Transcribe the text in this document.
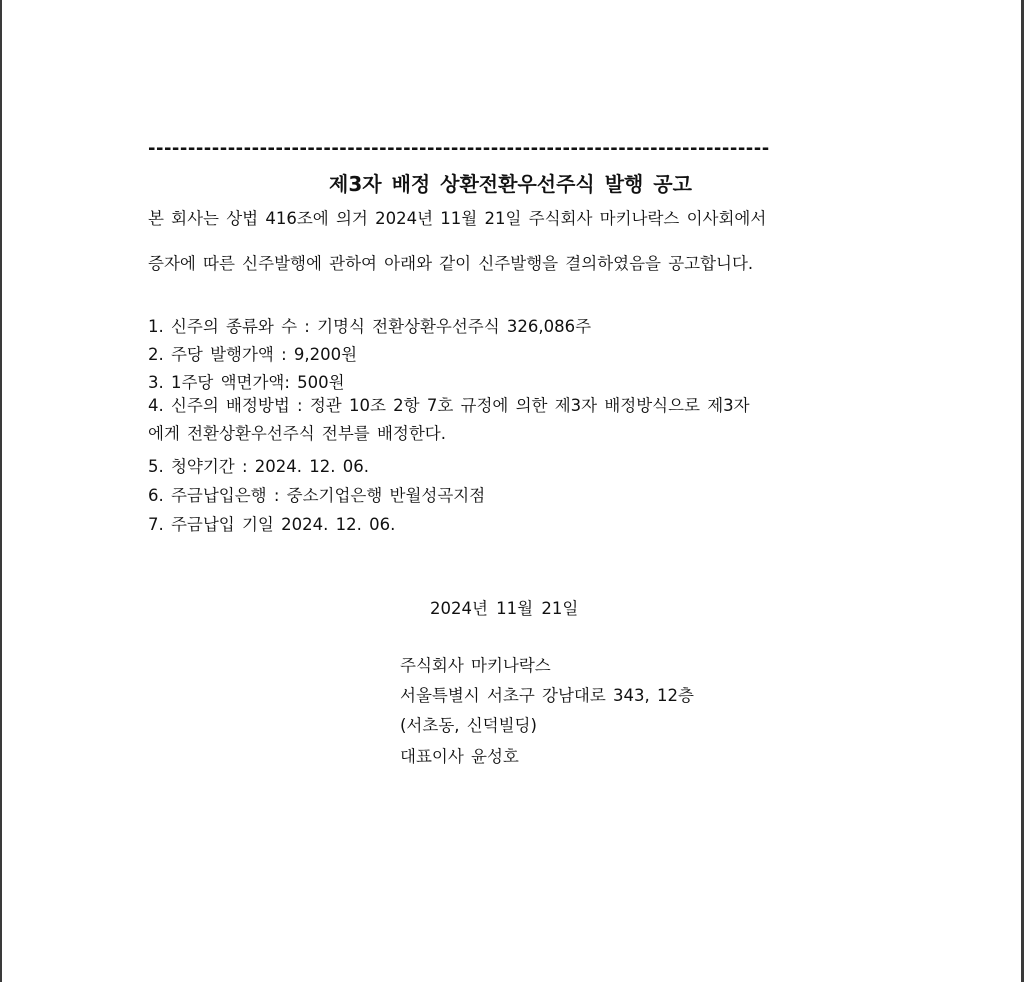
------------------------------------------------------------------------------
제3자 배정 상환전환우선주식 발행 공고
본 회사는 상법 416조에 의거 2024년 11월 21일 주식회사 마키나락스 이사회에서
증자에 따른 신주발행에 관하여 아래와 같이 신주발행을 결의하였음을 공고합니다.
1. 신주의 종류와 수 : 기명식 전환상환우선주식 326,086주
2. 주당 발행가액 : 9,200원
3. 1주당 액면가액: 500원
4. 신주의 배정방법 : 정관 10조 2항 7호 규정에 의한 제3자 배정방식으로 제3자
에게 전환상환우선주식 전부를 배정한다.
5. 청약기간 : 2024. 12. 06.
6. 주금납입은행 : 중소기업은행 반월성곡지점
7. 주금납입 기일 2024. 12. 06.
2024년 11월 21일
주식회사 마키나락스
서울특별시 서초구 강남대로 343, 12층
(서초동, 신덕빌딩)
대표이사 윤성호
